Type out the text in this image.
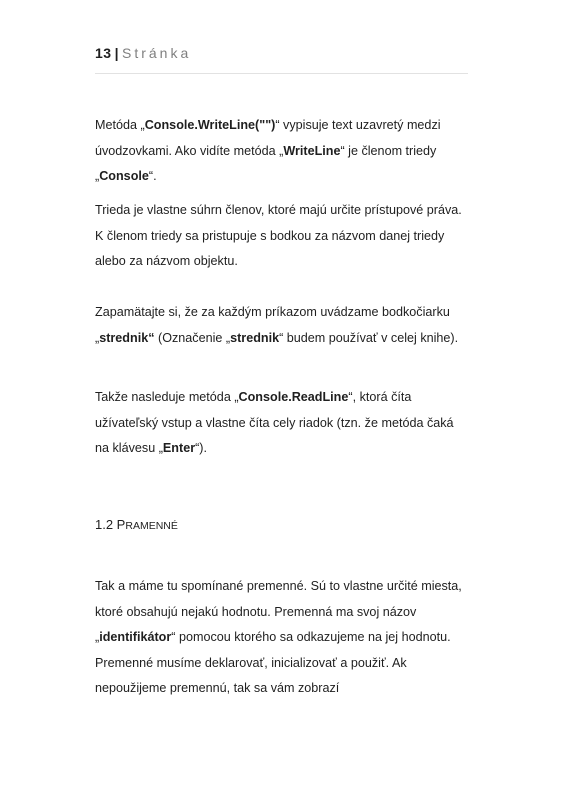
13 | Stránka

Metóda „Console.WriteLine("")“ vypisuje text uzavretý medzi úvodzovkami. Ako vidíte metóda „WriteLine“ je členom triedy „Console“.

Trieda je vlastne súhrn členov, ktoré majú určite prístupové práva. K členom triedy sa pristupuje s bodkou za názvom danej triedy alebo za názvom objektu.

Zapamätajte si, že za každým príkazom uvádzame bodkočiarku „strednik“ (Označenie „strednik“ budem používať v celej knihe).

Takže nasleduje metóda „Console.ReadLine“, ktorá číta užívateľský vstup a vlastne číta cely riadok (tzn. že metóda čaká na klávesu „Enter“).

1.2 PRAMENNÉ

Tak a máme tu spomínané premenné. Sú to vlastne určité miesta, ktoré obsahujú nejakú hodnotu. Premenná ma svoj názov „identifikátor“ pomocou ktorého sa odkazujeme na jej hodnotu. Premenné musíme deklarovať, inicializovať a použiť. Ak nepoužijeme premennú, tak sa vám zobrazí
